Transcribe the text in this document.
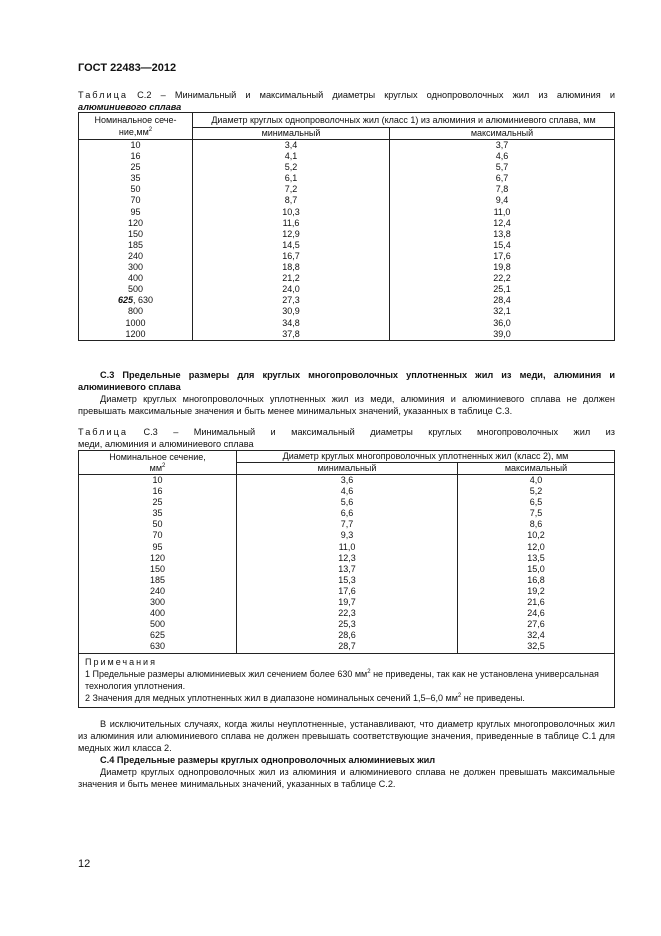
ГОСТ 22483—2012
Таблица С.2 – Минимальный и максимальный диаметры круглых однопроволочных жил из алюминия и
алюминиевого сплава
Номинальное сече-
$ние,мм^2$	Диаметр круглых однопроволочных жил (класс 1) из алюминия и алюминиевого сплава, мм	
	минимальный	максимальный
10	3,4	3,7
16	4,1	4,6
25	5,2	5,7
35	6,1	6,7
50	7,2	7,8
70	8,7	9,4
95	10,3	11,0
120	11,6	12,4
150	12,9	13,8
185	14,5	15,4
240	16,7	17,6
300	18,8	19,8
400	21,2	22,2
500	24,0	25,1
625, 630	27,3	28,4
800	30,9	32,1
1000	34,8	36,0
1200	37,8	39,0
С.3 Предельные размеры для круглых многопроволочных уплотненных жил из меди, алюминия и алюминиевого сплава
Диаметр круглых многопроволочных уплотненных жил из меди, алюминия и алюминиевого сплава не должен превышать максимальные значения и быть менее минимальных значений, указанных в таблице С.3.
Таблица С.3 – Минимальный и максимальный диаметры круглых многопроволочных жил из
меди, алюминия и алюминиевого сплава
Номинальное сечение,
$мм^2$	Диаметр круглых многопроволочных уплотненных жил (класс 2), мм	
	минимальный	максимальный
10	3,6	4,0
16	4,6	5,2
25	5,6	6,5
35	6,6	7,5
50	7,7	8,6
70	9,3	10,2
95	11,0	12,0
120	12,3	13,5
150	13,7	15,0
185	15,3	16,8
240	17,6	19,2
300	19,7	21,6
400	22,3	24,6
500	25,3	27,6
625	28,6	32,4
630	28,7	32,5

Примечания
1 Предельные размеры алюминиевых жил сечением более 630 $мм^2$ не приведены, так как не установлена универсальная технология уплотнения.
2 Значения для медных уплотненных жил в диапазоне номинальных сечений 1,5–6,0 $мм^2$ не приведены.		
В исключительных случаях, когда жилы неуплотненные, устанавливают, что диаметр круглых многопроволочных жил из алюминия или алюминиевого сплава не должен превышать соответствующие значения, приведенные в таблице С.1 для медных жил класса 2.
С.4 Предельные размеры круглых однопроволочных алюминиевых жил
Диаметр круглых однопроволочных жил из алюминия и алюминиевого сплава не должен превышать максимальные значения и быть менее минимальных значений, указанных в таблице С.2.
12
